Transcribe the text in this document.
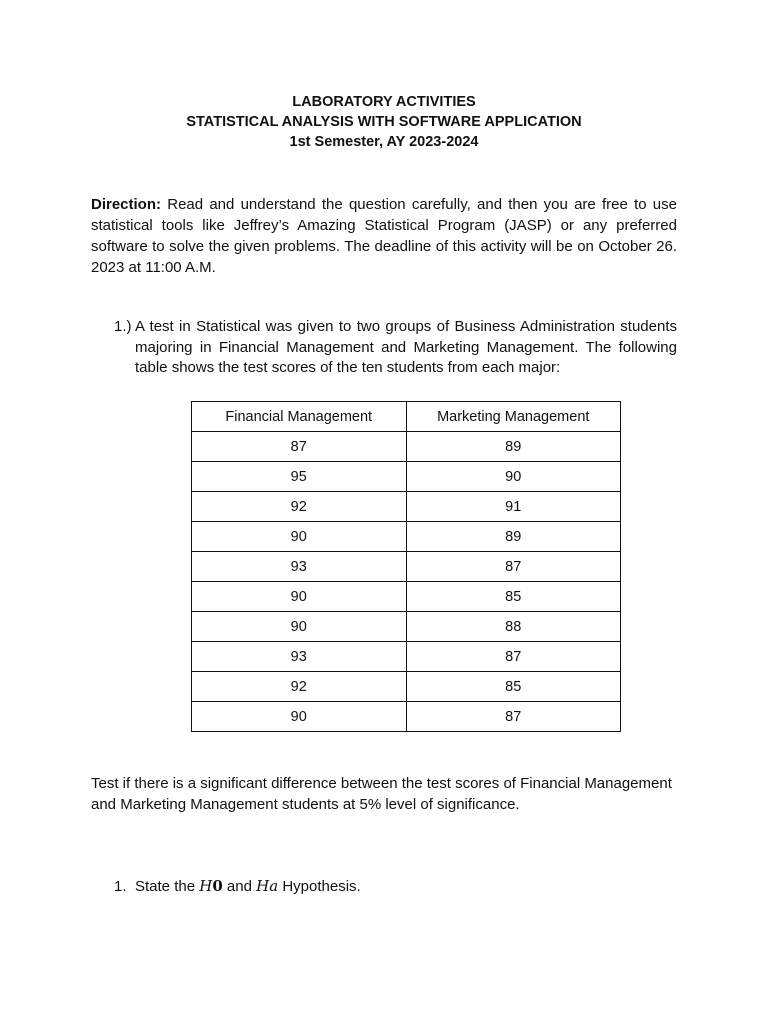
LABORATORY ACTIVITIES
STATISTICAL ANALYSIS WITH SOFTWARE APPLICATION
1st Semester, AY 2023-2024
Direction: Read and understand the question carefully, and then you are free to use statistical tools like Jeffrey’s Amazing Statistical Program (JASP) or any preferred software to solve the given problems. The deadline of this activity will be on October 26. 2023 at 11:00 A.M.
1.) A test in Statistical was given to two groups of Business Administration students majoring in Financial Management and Marketing Management. The following table shows the test scores of the ten students from each major:
Financial Management	Marketing Management
87	89
95	90
92	91
90	89
93	87
90	85
90	88
93	87
92	85
90	87
Test if there is a significant difference between the test scores of Financial Management and Marketing Management students at 5% level of significance.
1. State the H0 and Ha Hypothesis.
